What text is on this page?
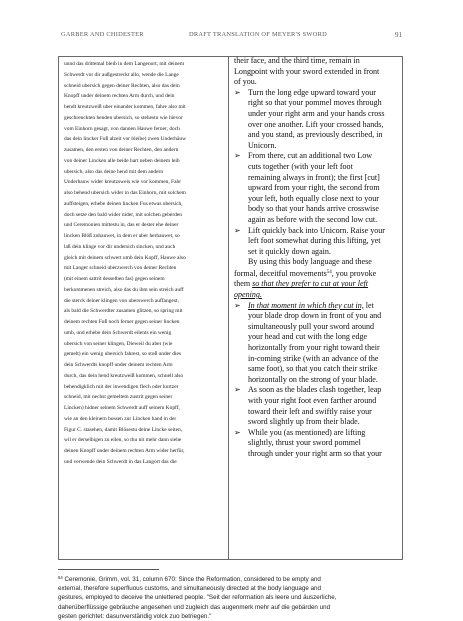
GARBER AND CHIDESTER	DRAFT TRANSLATION OF MEYER'S SWORD	91
unnd das drittemal bleib in dem Langenort, mit deinem
Schwerdt vor dir außgestreckt allo, wende die Lange
schneid ubersich gegen deiner Rechten, also das dein
Knopff under deinem rechten Arm durch, und dein
hendt kreutzweiß uber einander kommen, fahre also mit
geschrenckten henden ubersich, so stehestu wie hievor
vom Einhorn gesagt, von dannen Hauwe ferner, doch
das dein lincker Fuß alzeit vor bleibe) zwen Underhäuw
zusamen, den ersten von deiner Rechten, den andern
von deiner Lincken alle beide hart neben deinem leib
ubersich, also das deine hend mit dem andern
Underhauw wider kreutzsweis wie vor kommen, Fahr
also behend ubersich wider in das Einhorn, mit solchem
auffsteigen, erhebe deinen lincken Fus etwas ubersich,
doch setze den bald wider nider, mit solchen geberden
und Ceremonien mittestu in, das er dester ehe deiner
lincken Blöß zuhauwet, in dem er aber herhauwet, so
laß dein klinge vor dir undersich sincken, und auch
gleich mit deinem schwert umb dein Kopff, Hauwe also
mit Langer schneid uberzwerch von deiner Rechten
(mit einem sattrit desselben fas) gegen seinem
herkommenen streich, also das du ihm sein streich auff
die sterck deiner klingen von uberswerch auffangest,
als bald die Schwerdter zusamen glitzen, so spring mit
deinem rechten Fuß noch ferner gegen seiner lincken
umb, und erhebe dein Schwerdt eilents ein wenig
ubersich von seiner klingen, Dieweil du aber (wie
gemelt) ein wenig ubersich fahrest, so stoß under dies
dein Schwerdts knopff under deinem rechten Arm
durch, das dein hend kreutzweiß kommen, schnell also
behendigklich mit der inwendigen flech oder kurtzer
schneid, mit nechst gemeltem zustrit gegen seiner
Lincken) hidner seinem Schwerdt auff seinem Kopff,
wie an den kleinern bossen zur Lincken hand in der
Figur C. stasehen, damit Blösestu deine Lincke seiten,
wil er derselbigen zu eilen, so thu nit mehr dann siehe
deinen Knopff under deinem rechten Arm wider herfür,
und verwende dein Schwerdt in das Langort das die
their face, and the third time, remain in
Longpoint with your sword extended in front
of you.
➢ Turn the long edge upward toward your
right so that your pommel moves through
under your right arm and your hands cross
over one another. Lift your crossed hands,
and you stand, as previously described, in
Unicorn.
➢ From there, cut an additional two Low
cuts together (with your left foot
remaining always in front); the first [cut]
upward from your right, the second from
your left, both equally close next to your
body so that your hands arrive crosswise
again as before with the second low cut.
➢ Lift quickly back into Unicorn. Raise your
left foot somewhat during this lifting, yet
set it quickly down again.
By using this body language and these
formal, deceitful movements$^{54}$, you provoke
them so that they prefer to cut at your left
opening.
➢ In that moment in which they cut in, let
your blade drop down in front of you and
simultaneously pull your sword around
your head and cut with the long edge
horizontally from your right toward their
in-coming strike (with an advance of the
same foot), so that you catch their strike
horizontally on the strong of your blade.
➢ As soon as the blades clash together, leap
with your right foot even farther around
toward their left and swiftly raise your
sword slightly up from their blade.
➢ While you (as mentioned) are lifting
slightly, thrust your sword pommel
through under your right arm so that your
$^{54}$ Ceremonie, Grimm, vol. 31, column 670: Since the Reformation, considered to be empty and
external, therefore superfluous customs, and simultaneously directed at the body language and
gestures, employed to deceive the unlettered people. "Seit der reformation als leere und äuszerliche,
daherüberflüssige gebräuche angesehen und zugleich das augenmerk mehr auf die gebärden und
gesten gerichtet: dasunverständig volck zuo betriegen."
